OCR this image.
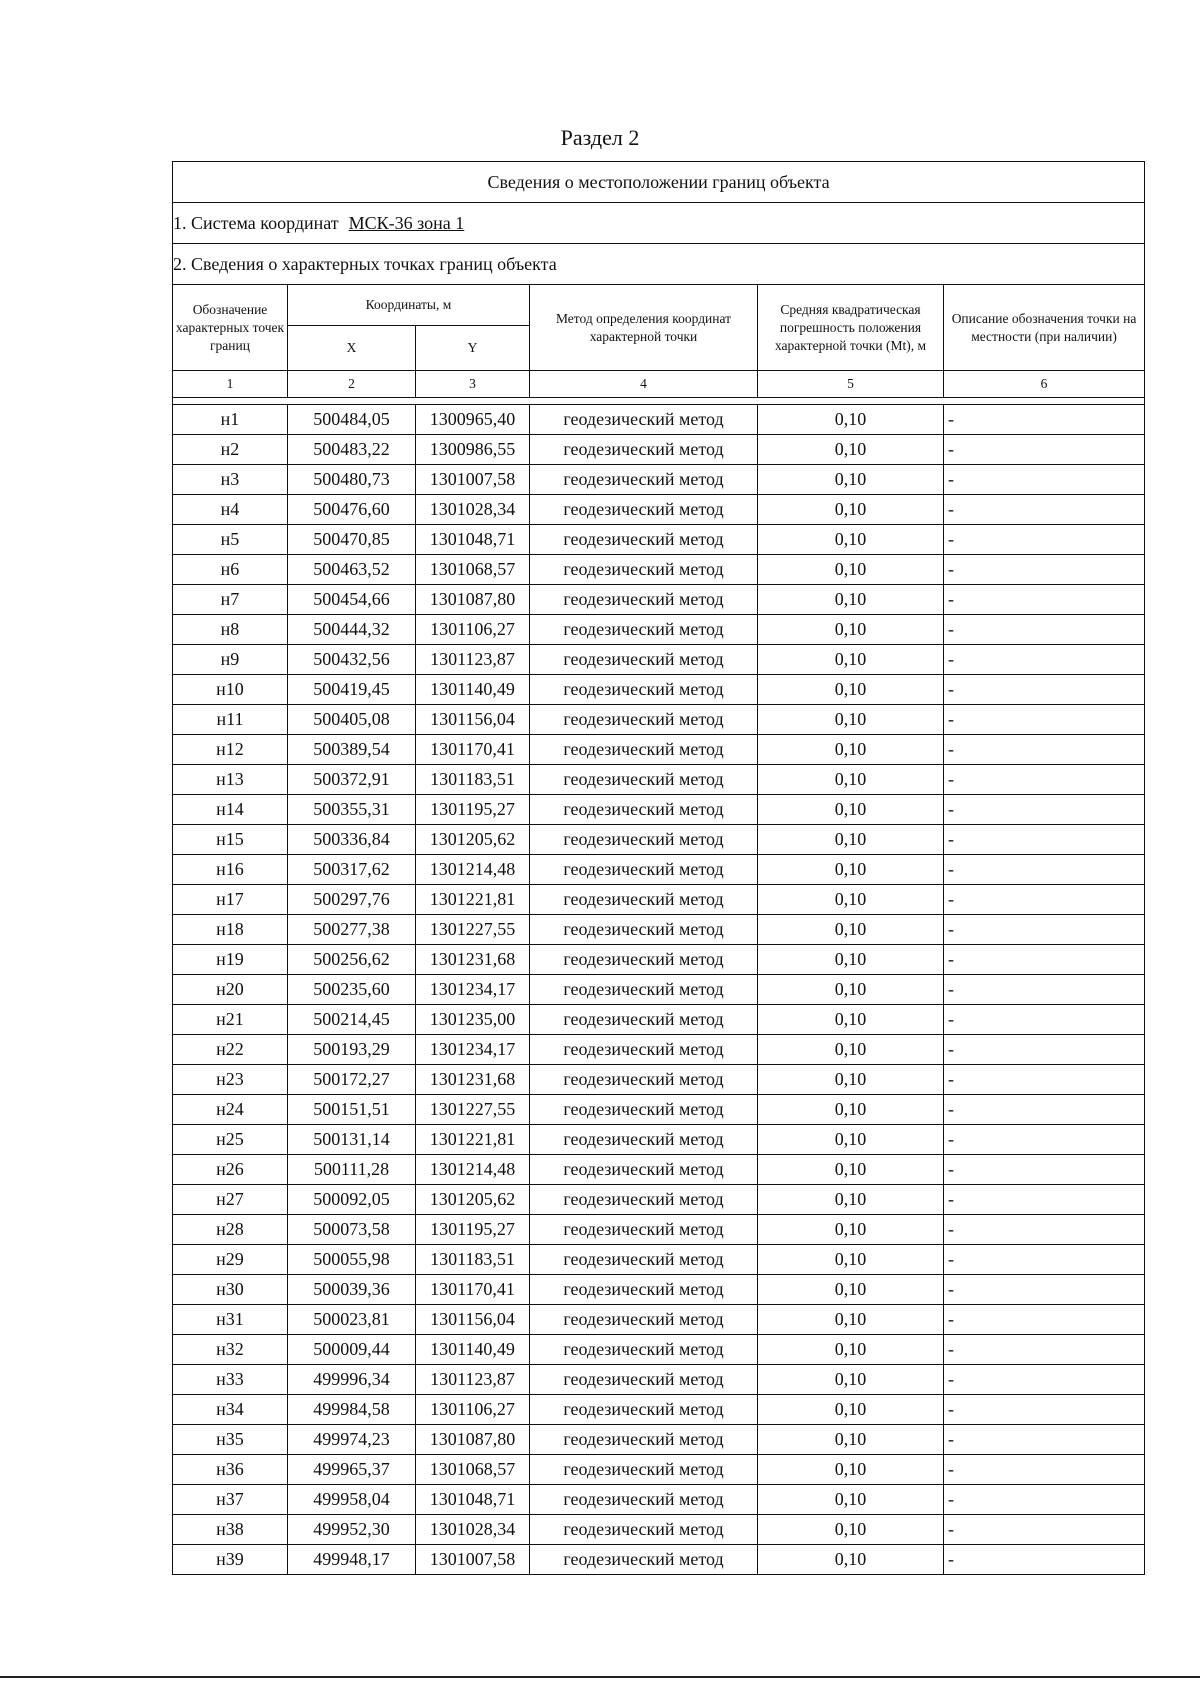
Раздел 2
Сведения о местоположении границ объекта					
1. Система координат МСК-36 зона 1					
2. Сведения о характерных точках границ объекта					
Обозначение характерных точек границ	Координаты, м		Метод определения координат характерной точки	Средняя квадратическая погрешность положения характерной точки (Mt), м	Описание обозначения точки на местности (при наличии)
	X	Y			
1	2	3	4	5	6

н1	500484,05	1300965,40	геодезический метод	0,10	-
н2	500483,22	1300986,55	геодезический метод	0,10	-
н3	500480,73	1301007,58	геодезический метод	0,10	-
н4	500476,60	1301028,34	геодезический метод	0,10	-
н5	500470,85	1301048,71	геодезический метод	0,10	-
н6	500463,52	1301068,57	геодезический метод	0,10	-
н7	500454,66	1301087,80	геодезический метод	0,10	-
н8	500444,32	1301106,27	геодезический метод	0,10	-
н9	500432,56	1301123,87	геодезический метод	0,10	-
н10	500419,45	1301140,49	геодезический метод	0,10	-
н11	500405,08	1301156,04	геодезический метод	0,10	-
н12	500389,54	1301170,41	геодезический метод	0,10	-
н13	500372,91	1301183,51	геодезический метод	0,10	-
н14	500355,31	1301195,27	геодезический метод	0,10	-
н15	500336,84	1301205,62	геодезический метод	0,10	-
н16	500317,62	1301214,48	геодезический метод	0,10	-
н17	500297,76	1301221,81	геодезический метод	0,10	-
н18	500277,38	1301227,55	геодезический метод	0,10	-
н19	500256,62	1301231,68	геодезический метод	0,10	-
н20	500235,60	1301234,17	геодезический метод	0,10	-
н21	500214,45	1301235,00	геодезический метод	0,10	-
н22	500193,29	1301234,17	геодезический метод	0,10	-
н23	500172,27	1301231,68	геодезический метод	0,10	-
н24	500151,51	1301227,55	геодезический метод	0,10	-
н25	500131,14	1301221,81	геодезический метод	0,10	-
н26	500111,28	1301214,48	геодезический метод	0,10	-
н27	500092,05	1301205,62	геодезический метод	0,10	-
н28	500073,58	1301195,27	геодезический метод	0,10	-
н29	500055,98	1301183,51	геодезический метод	0,10	-
н30	500039,36	1301170,41	геодезический метод	0,10	-
н31	500023,81	1301156,04	геодезический метод	0,10	-
н32	500009,44	1301140,49	геодезический метод	0,10	-
н33	499996,34	1301123,87	геодезический метод	0,10	-
н34	499984,58	1301106,27	геодезический метод	0,10	-
н35	499974,23	1301087,80	геодезический метод	0,10	-
н36	499965,37	1301068,57	геодезический метод	0,10	-
н37	499958,04	1301048,71	геодезический метод	0,10	-
н38	499952,30	1301028,34	геодезический метод	0,10	-
н39	499948,17	1301007,58	геодезический метод	0,10	-
